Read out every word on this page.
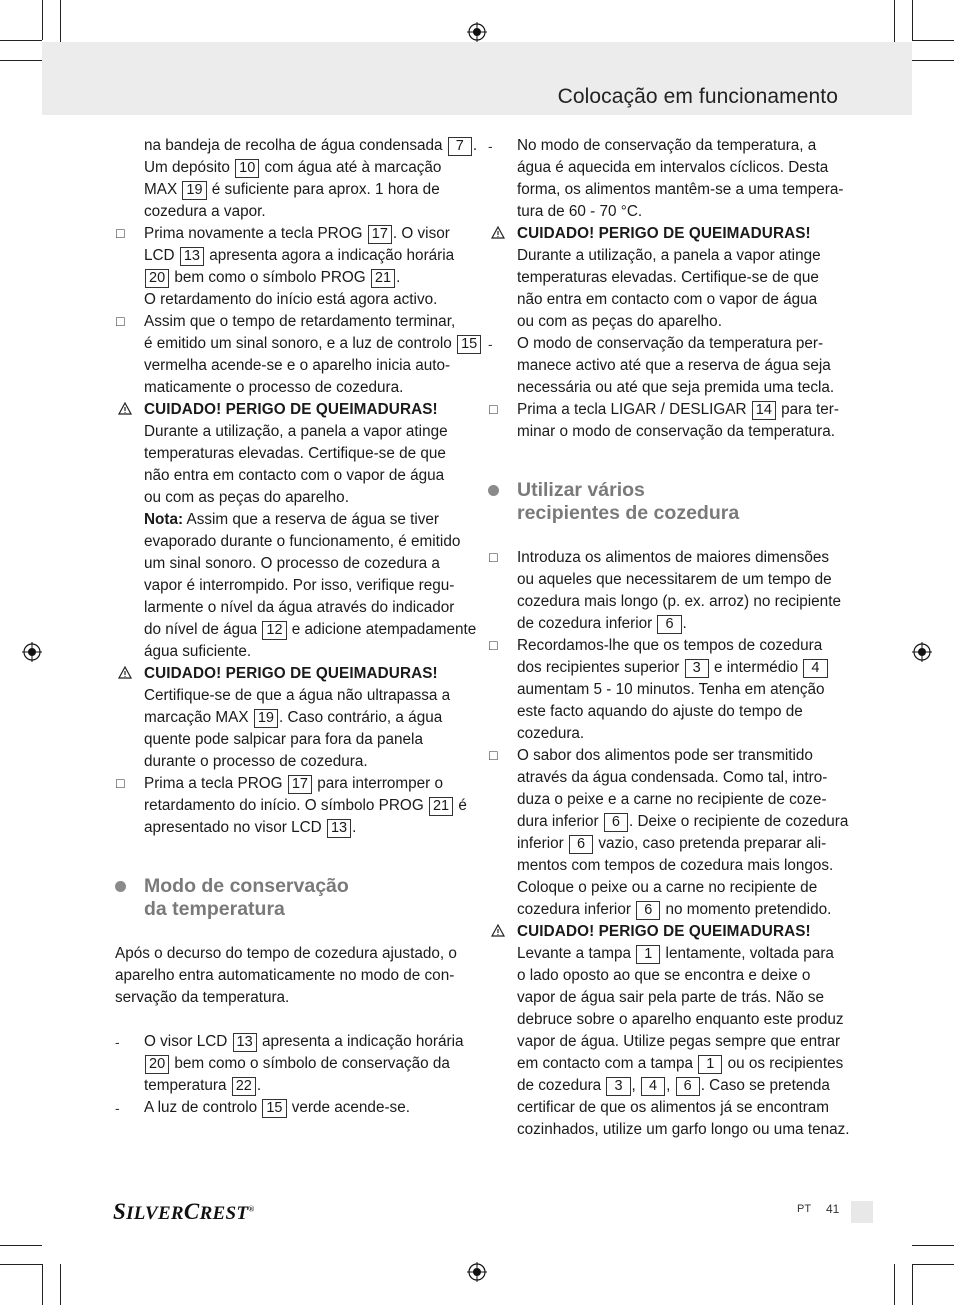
Colocação em funcionamento
na bandeja de recolha de água condensada 7 .
Um depósito 10 com água até à marcação
MAX 19 é suficiente para aprox. 1 hora de
cozedura a vapor.
☐	Prima novamente a tecla PROG 17 . O visor
LCD 13 apresenta agora a indicação horária
20 bem como o símbolo PROG 21 .
O retardamento do início está agora activo.
☐	Assim que o tempo de retardamento terminar,
é emitido um sinal sonoro, e a luz de controlo 15
vermelha acende-se e o aparelho inicia auto-
maticamente o processo de cozedura.
CUIDADO! PERIGO DE QUEIMADURAS!
Durante a utilização, a panela a vapor atinge
temperaturas elevadas. Certifique-se de que
não entra em contacto com o vapor de água
ou com as peças do aparelho.
Nota: Assim que a reserva de água se tiver
evaporado durante o funcionamento, é emitido
um sinal sonoro. O processo de cozedura a
vapor é interrompido. Por isso, verifique regu-
larmente o nível da água através do indicador
do nível de água 12 e adicione atempadamente
água suficiente.
CUIDADO! PERIGO DE QUEIMADURAS!
Certifique-se de que a água não ultrapassa a
marcação MAX 19 . Caso contrário, a água
quente pode salpicar para fora da panela
durante o processo de cozedura.
☐	Prima a tecla PROG 17 para interromper o
retardamento do início. O símbolo PROG 21 é
apresentado no visor LCD 13 .
Modo de conservação
da temperatura
Após o decurso do tempo de cozedura ajustado, o
aparelho entra automaticamente no modo de con-
servação da temperatura.
-	O visor LCD 13 apresenta a indicação horária
20 bem como o símbolo de conservação da
temperatura 22 .
-	A luz de controlo 15 verde acende-se.
-	No modo de conservação da temperatura, a
água é aquecida em intervalos cíclicos. Desta
forma, os alimentos mantêm-se a uma tempera-
tura de 60 - 70 °C.
CUIDADO! PERIGO DE QUEIMADURAS!
Durante a utilização, a panela a vapor atinge
temperaturas elevadas. Certifique-se de que
não entra em contacto com o vapor de água
ou com as peças do aparelho.
-	O modo de conservação da temperatura per-
manece activo até que a reserva de água seja
necessária ou até que seja premida uma tecla.
☐	Prima a tecla LIGAR / DESLIGAR 14 para ter-
minar o modo de conservação da temperatura.
Utilizar vários
recipientes de cozedura
☐	Introduza os alimentos de maiores dimensões
ou aqueles que necessitarem de um tempo de
cozedura mais longo (p. ex. arroz) no recipiente
de cozedura inferior 6 .
☐	Recordamos-lhe que os tempos de cozedura
dos recipientes superior 3 e intermédio 4
aumentam 5 - 10 minutos. Tenha em atenção
este facto aquando do ajuste do tempo de
cozedura.
☐	O sabor dos alimentos pode ser transmitido
através da água condensada. Como tal, intro-
duza o peixe e a carne no recipiente de coze-
dura inferior 6 . Deixe o recipiente de cozedura
inferior 6 vazio, caso pretenda preparar ali-
mentos com tempos de cozedura mais longos.
Coloque o peixe ou a carne no recipiente de
cozedura inferior 6 no momento pretendido.
CUIDADO! PERIGO DE QUEIMADURAS!
Levante a tampa 1 lentamente, voltada para
o lado oposto ao que se encontra e deixe o
vapor de água sair pela parte de trás. Não se
debruce sobre o aparelho enquanto este produz
vapor de água. Utilize pegas sempre que entrar
em contacto com a tampa 1 ou os recipientes
de cozedura 3 , 4 , 6 . Caso se pretenda
certificar de que os alimentos já se encontram
cozinhados, utilize um garfo longo ou uma tenaz.
SILVERCREST®	PT 41
